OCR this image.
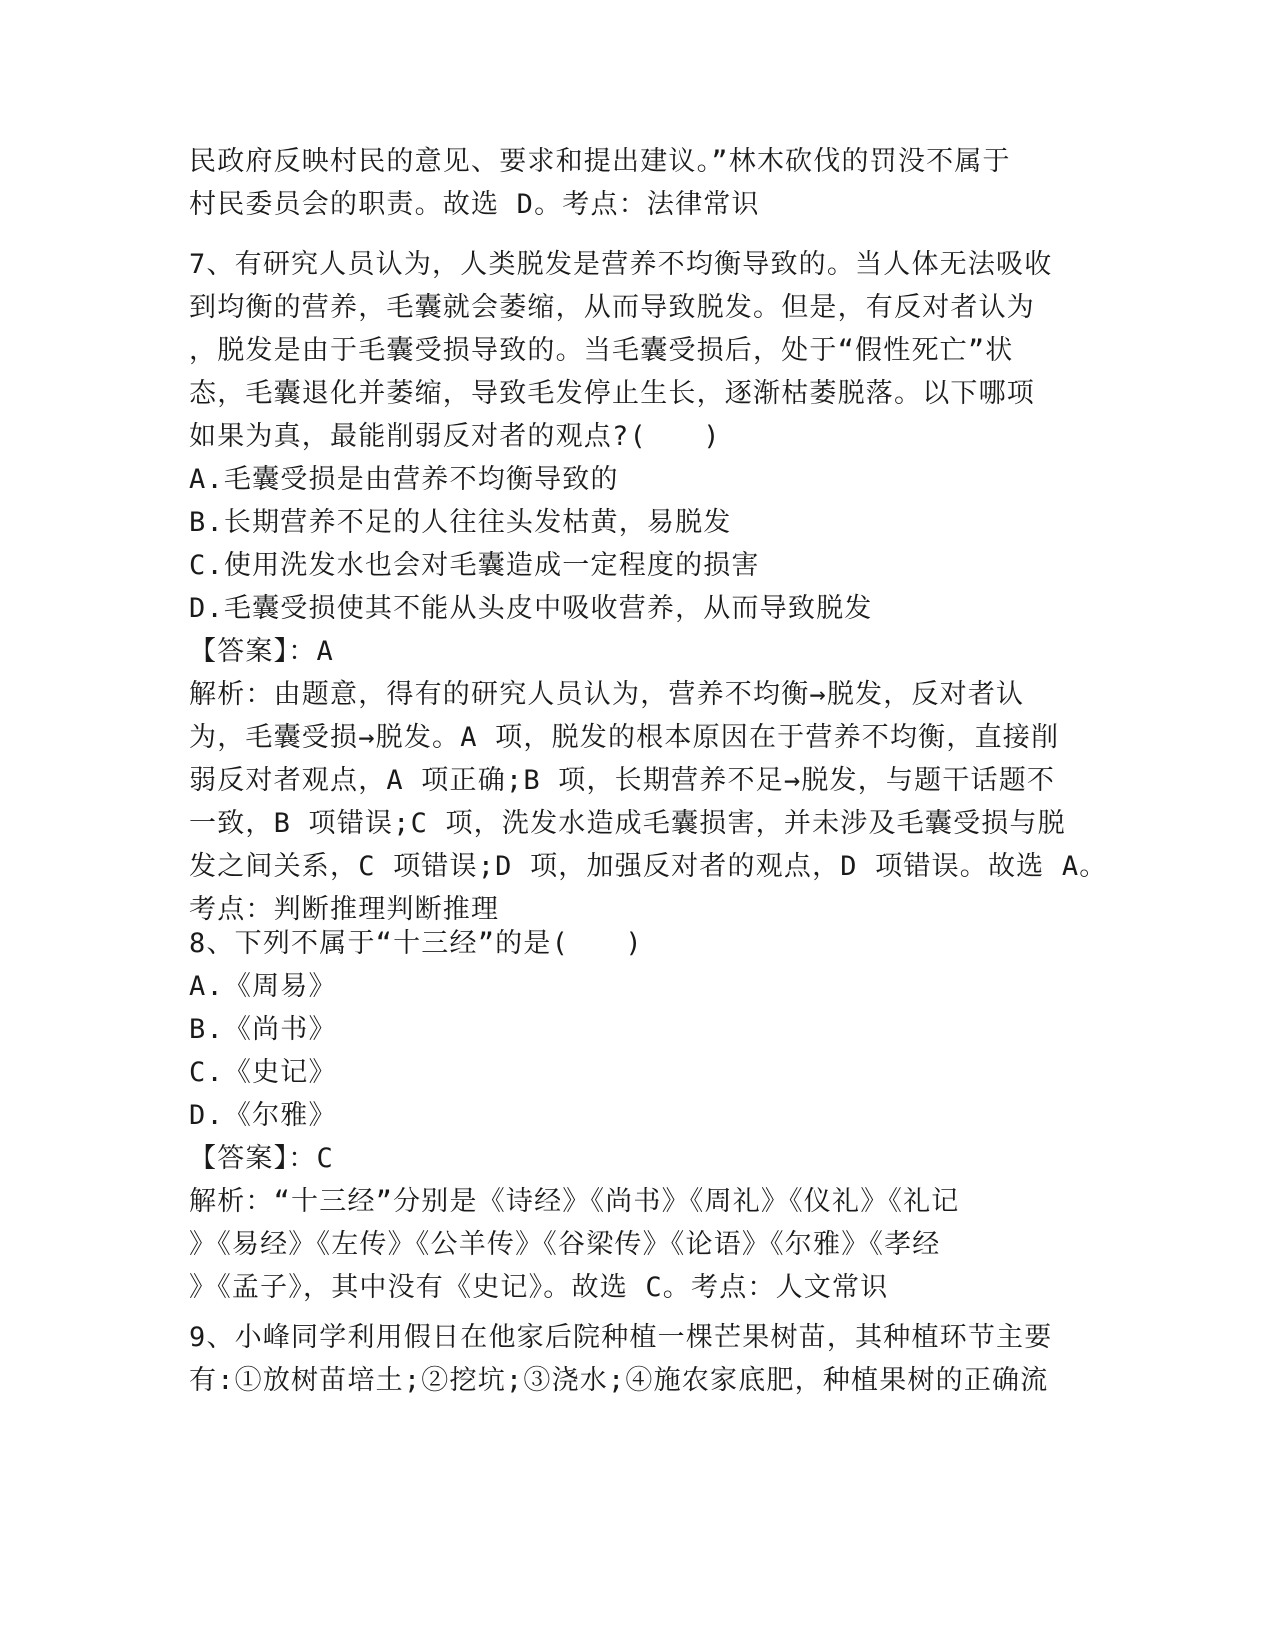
民政府反映村民的意见、要求和提出建议。”林木砍伐的罚没不属于
村民委员会的职责。故选 D。考点：法律常识
7、有研究人员认为，人类脱发是营养不均衡导致的。当人体无法吸收
到均衡的营养，毛囊就会萎缩，从而导致脱发。但是，有反对者认为
，脱发是由于毛囊受损导致的。当毛囊受损后，处于“假性死亡”状
态，毛囊退化并萎缩，导致毛发停止生长，逐渐枯萎脱落。以下哪项
如果为真，最能削弱反对者的观点?(　　)
A.毛囊受损是由营养不均衡导致的
B.长期营养不足的人往往头发枯黄，易脱发
C.使用洗发水也会对毛囊造成一定程度的损害
D.毛囊受损使其不能从头皮中吸收营养，从而导致脱发
【答案】：A
解析：由题意，得有的研究人员认为，营养不均衡→脱发，反对者认
为，毛囊受损→脱发。A 项，脱发的根本原因在于营养不均衡，直接削
弱反对者观点，A 项正确;B 项，长期营养不足→脱发，与题干话题不
一致，B 项错误;C 项，洗发水造成毛囊损害，并未涉及毛囊受损与脱
发之间关系，C 项错误;D 项，加强反对者的观点，D 项错误。故选 A。
考点：判断推理判断推理
8、下列不属于“十三经”的是(　　)
A.《周易》
B.《尚书》
C.《史记》
D.《尔雅》
【答案】：C
解析：“十三经”分别是《诗经》《尚书》《周礼》《仪礼》《礼记
》《易经》《左传》《公羊传》《谷梁传》《论语》《尔雅》《孝经
》《孟子》，其中没有《史记》。故选 C。考点：人文常识
9、小峰同学利用假日在他家后院种植一棵芒果树苗，其种植环节主要
有:①放树苗培土;②挖坑;③浇水;④施农家底肥，种植果树的正确流
